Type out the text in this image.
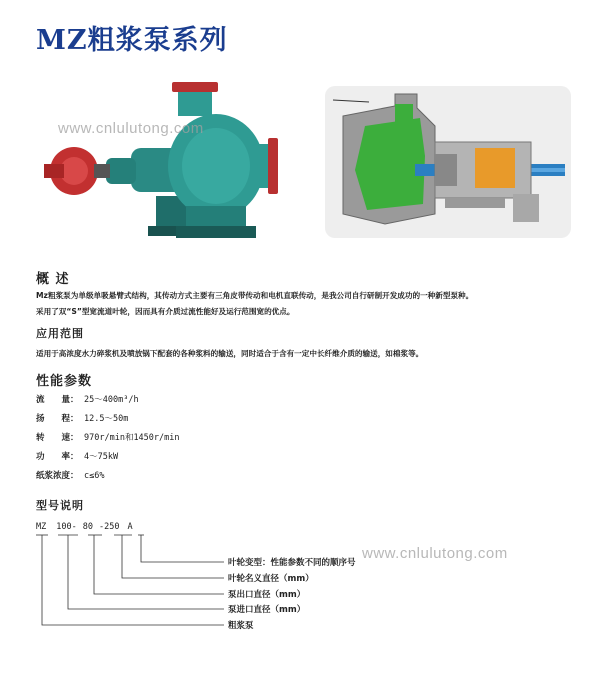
MZ粗浆泵系列
www.cnlulutong.com
概 述
Mz粗浆泵为单级单吸悬臂式结构，其传动方式主要有三角皮带传动和电机直联传动，是我公司自行研制开发成功的一种新型泵种。
采用了双“S”型宽流道叶轮，因而具有介质过流性能好及运行范围宽的优点。
应用范围
适用于高浓度水力碎浆机及喷放锅下配套的各种浆料的输送，同时适合于含有一定中长纤维介质的输送，如棉浆等。
性能参数
流　　量： 25～400m³/h
扬　　程： 12.5～50m
转　　速： 970r/min和1450r/min
功　　率： 4～75kW
纸浆浓度： c≤6%
型号说明
MZ 100- 80 -250 A
叶轮变型：性能参数不同的顺序号
叶轮名义直径（mm）
泵出口直径（mm）
泵进口直径（mm）
粗浆泵
www.cnlulutong.com
